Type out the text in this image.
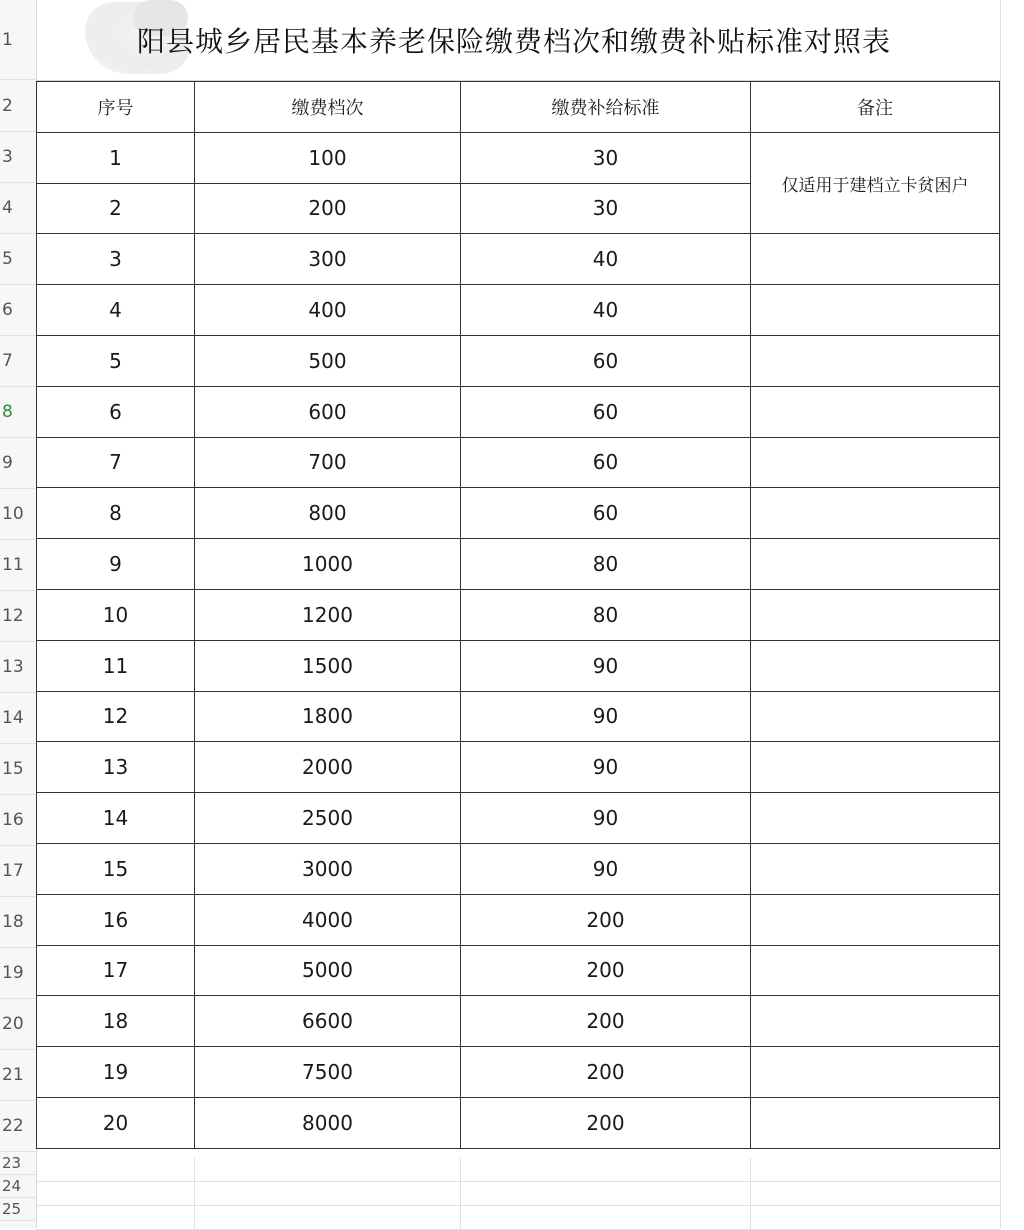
1
2
3
4
5
6
7
8
9
10
11
12
13
14
15
16
17
18
19
20
21
22
23
24
25
阳县城乡居民基本养老保险缴费档次和缴费补贴标准对照表
序号	缴费档次	缴费补给标准	备注
1	100	30	仅适用于建档立卡贫困户
2	200	30	
3	300	40	
4	400	40	
5	500	60	
6	600	60	
7	700	60	
8	800	60	
9	1000	80	
10	1200	80	
11	1500	90	
12	1800	90	
13	2000	90	
14	2500	90	
15	3000	90	
16	4000	200	
17	5000	200	
18	6600	200	
19	7500	200	
20	8000	200	
